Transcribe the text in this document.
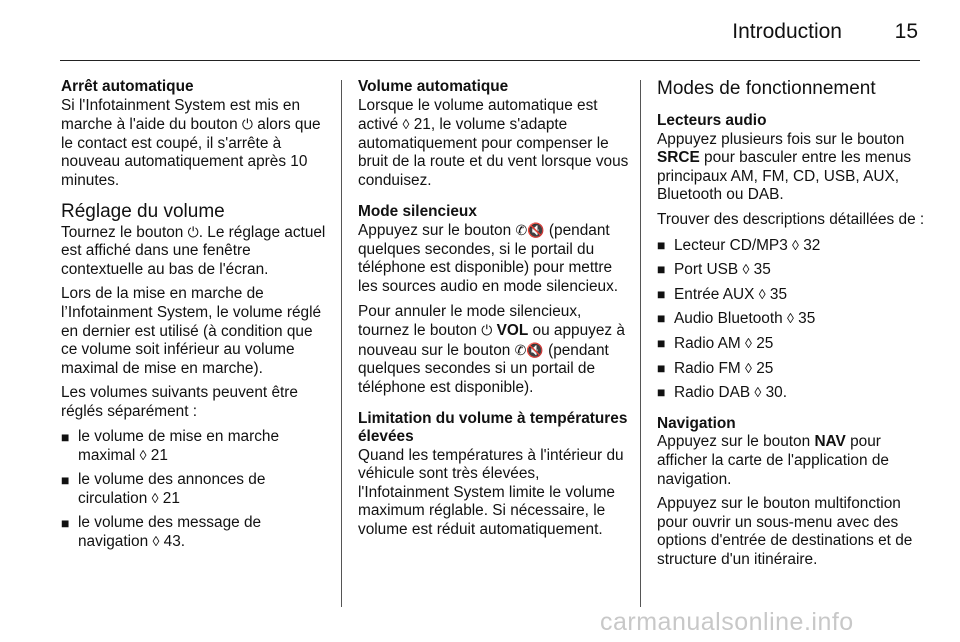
Introduction	15

Arrêt automatique

Si l'Infotainment System est mis en marche à l'aide du bouton ⏻ alors que le contact est coupé, il s'arrête à nouveau automatiquement après 10 minutes.

Réglage du volume

Tournez le bouton ⏻. Le réglage actuel est affiché dans une fenêtre contextuelle au bas de l'écran.

Lors de la mise en marche de l’Infotainment System, le volume réglé en dernier est utilisé (à condition que ce volume soit inférieur au volume maximal de mise en marche).

Les volumes suivants peuvent être réglés séparément :

■ le volume de mise en marche maximal ◊ 21
■ le volume des annonces de circulation ◊ 21
■ le volume des message de navigation ◊ 43.

Volume automatique

Lorsque le volume automatique est activé ◊ 21, le volume s'adapte automatiquement pour compenser le bruit de la route et du vent lorsque vous conduisez.

Mode silencieux

Appuyez sur le bouton ✆🔇 (pendant quelques secondes, si le portail du téléphone est disponible) pour mettre les sources audio en mode silencieux.

Pour annuler le mode silencieux, tournez le bouton ⏻ VOL ou appuyez à nouveau sur le bouton ✆🔇 (pendant quelques secondes si un portail de téléphone est disponible).

Limitation du volume à températures élevées

Quand les températures à l'intérieur du véhicule sont très élevées, l'Infotainment System limite le volume maximum réglable. Si nécessaire, le volume est réduit automatiquement.

Modes de fonctionnement

Lecteurs audio

Appuyez plusieurs fois sur le bouton SRCE pour basculer entre les menus principaux AM, FM, CD, USB, AUX, Bluetooth ou DAB.

Trouver des descriptions détaillées de :

■ Lecteur CD/MP3 ◊ 32
■ Port USB ◊ 35
■ Entrée AUX ◊ 35
■ Audio Bluetooth ◊ 35
■ Radio AM ◊ 25
■ Radio FM ◊ 25
■ Radio DAB ◊ 30.

Navigation

Appuyez sur le bouton NAV pour afficher la carte de l'application de navigation.

Appuyez sur le bouton multifonction pour ouvrir un sous-menu avec des options d'entrée de destinations et de structure d'un itinéraire.

carmanualsonline.info
